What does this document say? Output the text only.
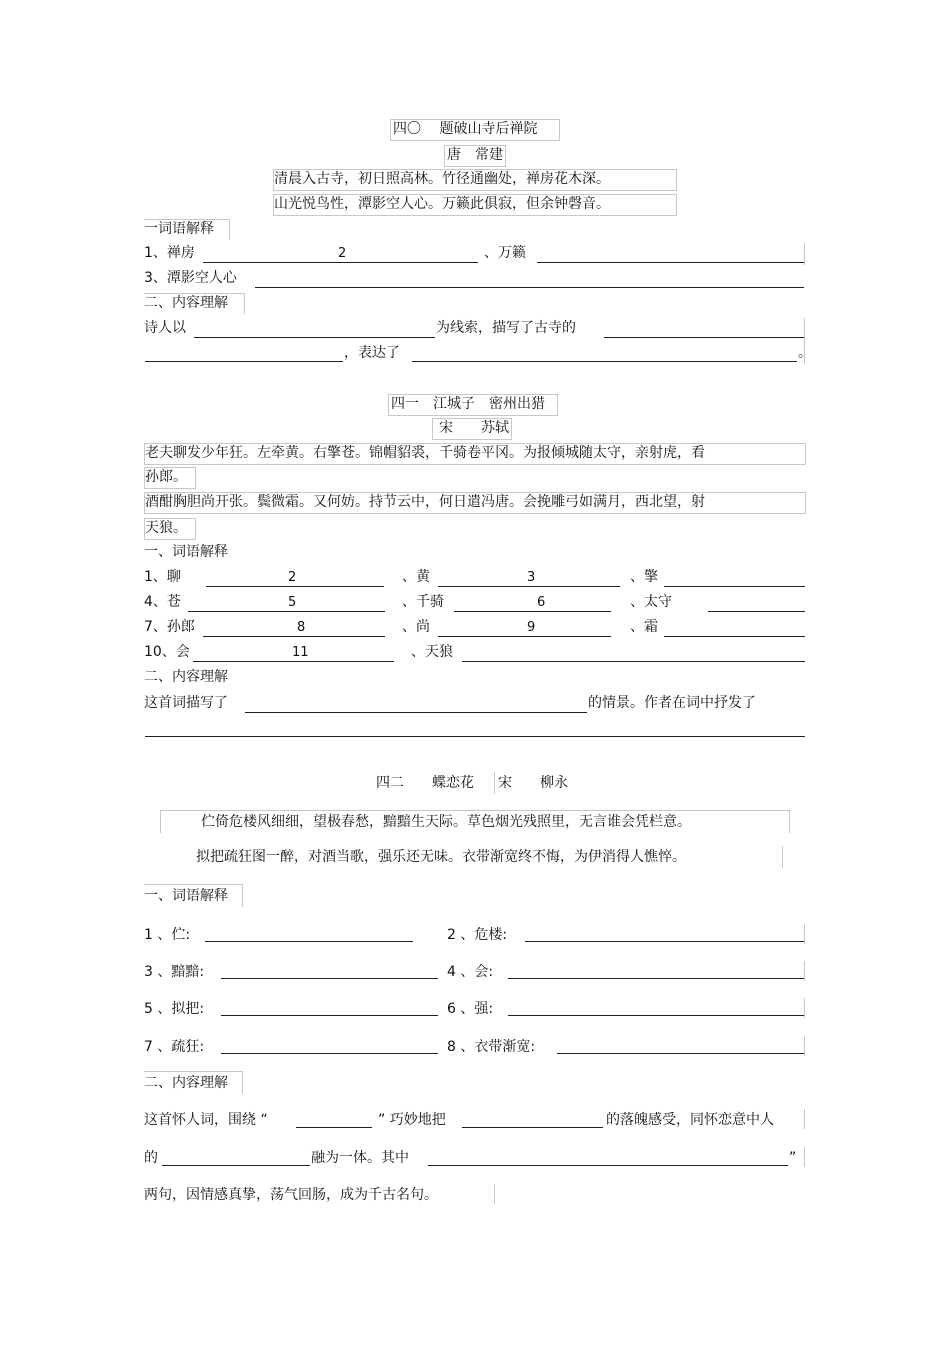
四〇　 题破山寺后禅院
唐　常建
清晨入古寺，初日照高林。竹径通幽处，禅房花木深。
山光悦鸟性，潭影空人心。万籁此俱寂，但余钟磬音。
一词语解释
1、禅房	2	、万籁
3、潭影空人心
二、内容理解
诗人以	为线索，描写了古寺的
，表达了	。
四一　江城子　密州出猎
宋　　苏轼
老夫聊发少年狂。左牵黄。右擎苍。锦帽貂裘，千骑卷平冈。为报倾城随太守，亲射虎，看
孙郎。
酒酣胸胆尚开张。鬓微霜。又何妨。持节云中，何日遣冯唐。会挽雕弓如满月，西北望，射
天狼。
一、词语解释
1、聊	2	、黄	3	、擎
4、苍	5	、千骑	6	、太守
7、孙郎	8	、尚	9	、霜
10、会	11	、天狼
二、内容理解
这首词描写了	的情景。作者在词中抒发了
四二　　蝶恋花 宋　　柳永
伫倚危楼风细细，望极春愁，黯黯生天际。草色烟光残照里，无言谁会凭栏意。
拟把疏狂图一醉，对酒当歌，强乐还无味。衣带渐宽终不悔，为伊消得人憔悴。
一、词语解释
1 、伫:	2 、危楼:
3 、黯黯:	4 、会:
5 、拟把:	6 、强:
7 、疏狂:	8 、衣带渐宽:
二、内容理解
这首怀人词，围绕 “	” 巧妙地把	的落魄感受，同怀恋意中人
的	融为一体。其中	”
两句，因情感真挚，荡气回肠，成为千古名句。
